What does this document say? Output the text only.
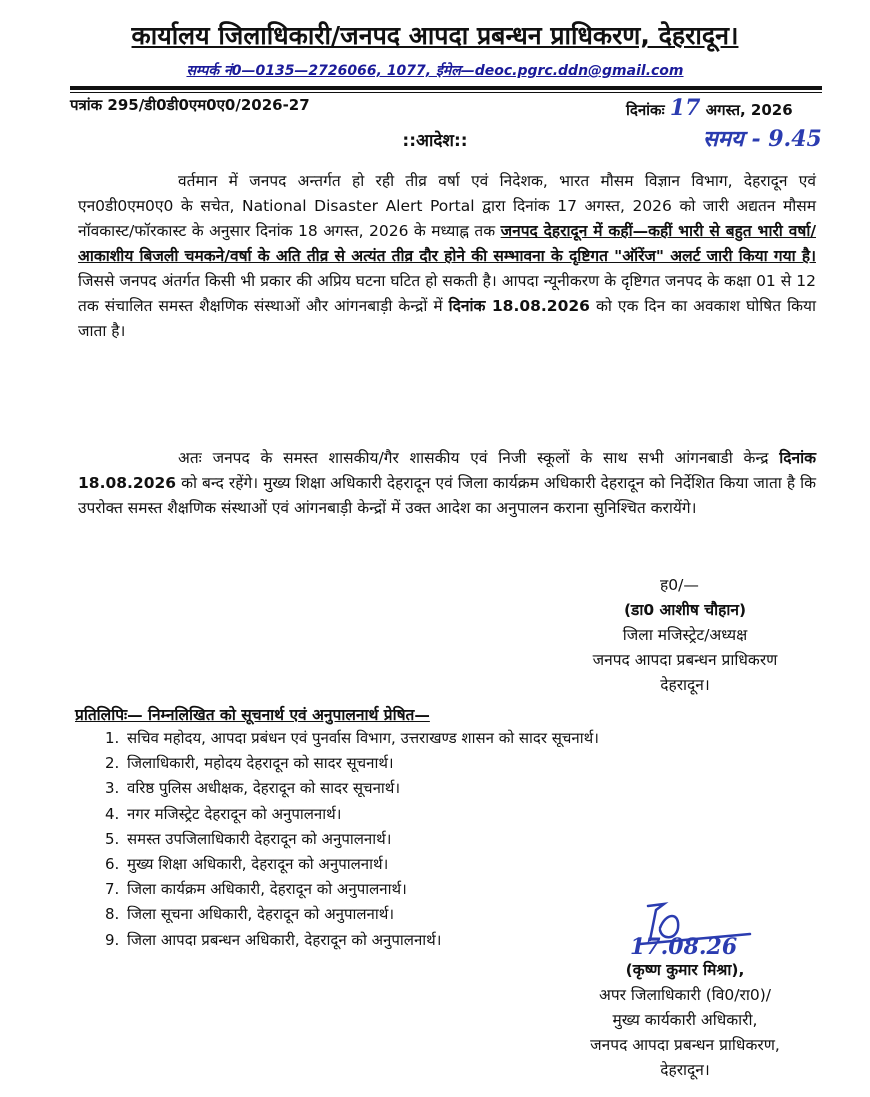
कार्यालय जिलाधिकारी/जनपद आपदा प्रबन्धन प्राधिकरण, देहरादून।
सम्पर्क नं0—0135—2726066, 1077, ईमेल—deoc.pgrc.ddn@gmail.com
पत्रांक 295/डी0डी0एम0ए0/2026-27	दिनांकः 17 अगस्त, 2026
समय - 9.45
::आदेश::
वर्तमान में जनपद अन्तर्गत हो रही तीव्र वर्षा एवं निदेशक, भारत मौसम विज्ञान विभाग, देहरादून एवं एन0डी0एम0ए0 के सचेत, National Disaster Alert Portal द्वारा दिनांक 17 अगस्त, 2026 को जारी अद्यतन मौसम नॉवकास्ट/फॉरकास्ट के अनुसार दिनांक 18 अगस्त, 2026 के मध्याह्न तक जनपद देहरादून में कहीं—कहीं भारी से बहुत भारी वर्षा/आकाशीय बिजली चमकने/वर्षा के अति तीव्र से अत्यंत तीव्र दौर होने की सम्भावना के दृष्टिगत "ऑरेंज" अलर्ट जारी किया गया है। जिससे जनपद अंतर्गत किसी भी प्रकार की अप्रिय घटना घटित हो सकती है। आपदा न्यूनीकरण के दृष्टिगत जनपद के कक्षा 01 से 12 तक संचालित समस्त शैक्षणिक संस्थाओं और आंगनबाड़ी केन्द्रों में दिनांक 18.08.2026 को एक दिन का अवकाश घोषित किया जाता है।
अतः जनपद के समस्त शासकीय/गैर शासकीय एवं निजी स्कूलों के साथ सभी आंगनबाडी केन्द्र दिनांक 18.08.2026 को बन्द रहेंगे। मुख्य शिक्षा अधिकारी देहरादून एवं जिला कार्यक्रम अधिकारी देहरादून को निर्देशित किया जाता है कि उपरोक्त समस्त शैक्षणिक संस्थाओं एवं आंगनबाड़ी केन्द्रों में उक्त आदेश का अनुपालन कराना सुनिश्चित करायेंगे।
ह0/—
(डा0 आशीष चौहान)
जिला मजिस्ट्रेट/अध्यक्ष
जनपद आपदा प्रबन्धन प्राधिकरण
देहरादून।
प्रतिलिपिः— निम्नलिखित को सूचनार्थ एवं अनुपालनार्थ प्रेषित—
1. सचिव महोदय, आपदा प्रबंधन एवं पुनर्वास विभाग, उत्तराखण्ड शासन को सादर सूचनार्थ।
2. जिलाधिकारी, महोदय देहरादून को सादर सूचनार्थ।
3. वरिष्ठ पुलिस अधीक्षक, देहरादून को सादर सूचनार्थ।
4. नगर मजिस्ट्रेट देहरादून को अनुपालनार्थ।
5. समस्त उपजिलाधिकारी देहरादून को अनुपालनार्थ।
6. मुख्य शिक्षा अधिकारी, देहरादून को अनुपालनार्थ।
7. जिला कार्यक्रम अधिकारी, देहरादून को अनुपालनार्थ।
8. जिला सूचना अधिकारी, देहरादून को अनुपालनार्थ।
9. जिला आपदा प्रबन्धन अधिकारी, देहरादून को अनुपालनार्थ।	17.08.26
(कृष्ण कुमार मिश्रा),
अपर जिलाधिकारी (वि0/रा0)/
मुख्य कार्यकारी अधिकारी,
जनपद आपदा प्रबन्धन प्राधिकरण,
देहरादून।
